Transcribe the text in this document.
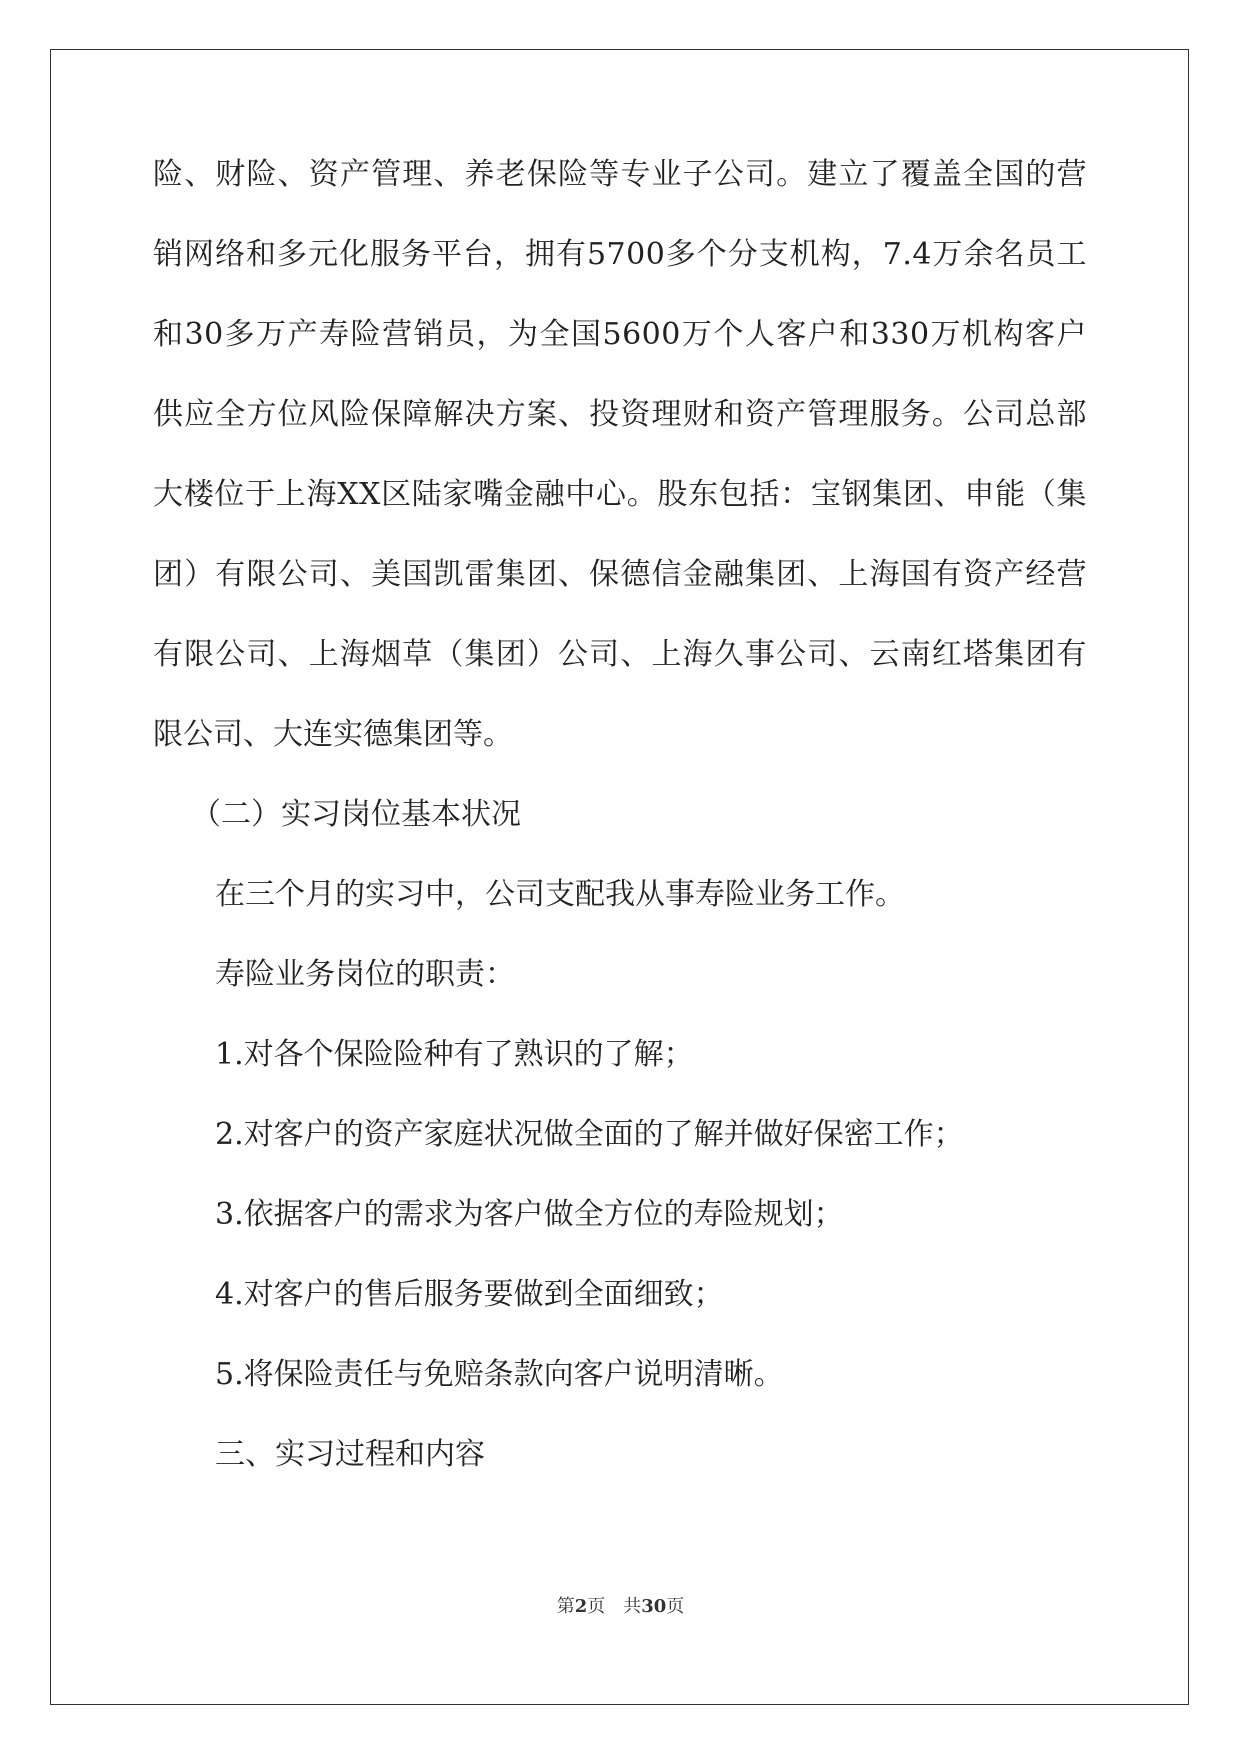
险、财险、资产管理、养老保险等专业子公司。建立了覆盖全国的营
销网络和多元化服务平台，拥有5700多个分支机构，7.4万余名员工
和30多万产寿险营销员，为全国5600万个人客户和330万机构客户
供应全方位风险保障解决方案、投资理财和资产管理服务。公司总部
大楼位于上海XX区陆家嘴金融中心。股东包括：宝钢集团、申能（集
团）有限公司、美国凯雷集团、保德信金融集团、上海国有资产经营
有限公司、上海烟草（集团）公司、上海久事公司、云南红塔集团有
限公司、大连实德集团等。
（二）实习岗位基本状况
在三个月的实习中，公司支配我从事寿险业务工作。
寿险业务岗位的职责：
1.对各个保险险种有了熟识的了解；
2.对客户的资产家庭状况做全面的了解并做好保密工作；
3.依据客户的需求为客户做全方位的寿险规划；
4.对客户的售后服务要做到全面细致；
5.将保险责任与免赔条款向客户说明清晰。
三、实习过程和内容
第2页 共30页
